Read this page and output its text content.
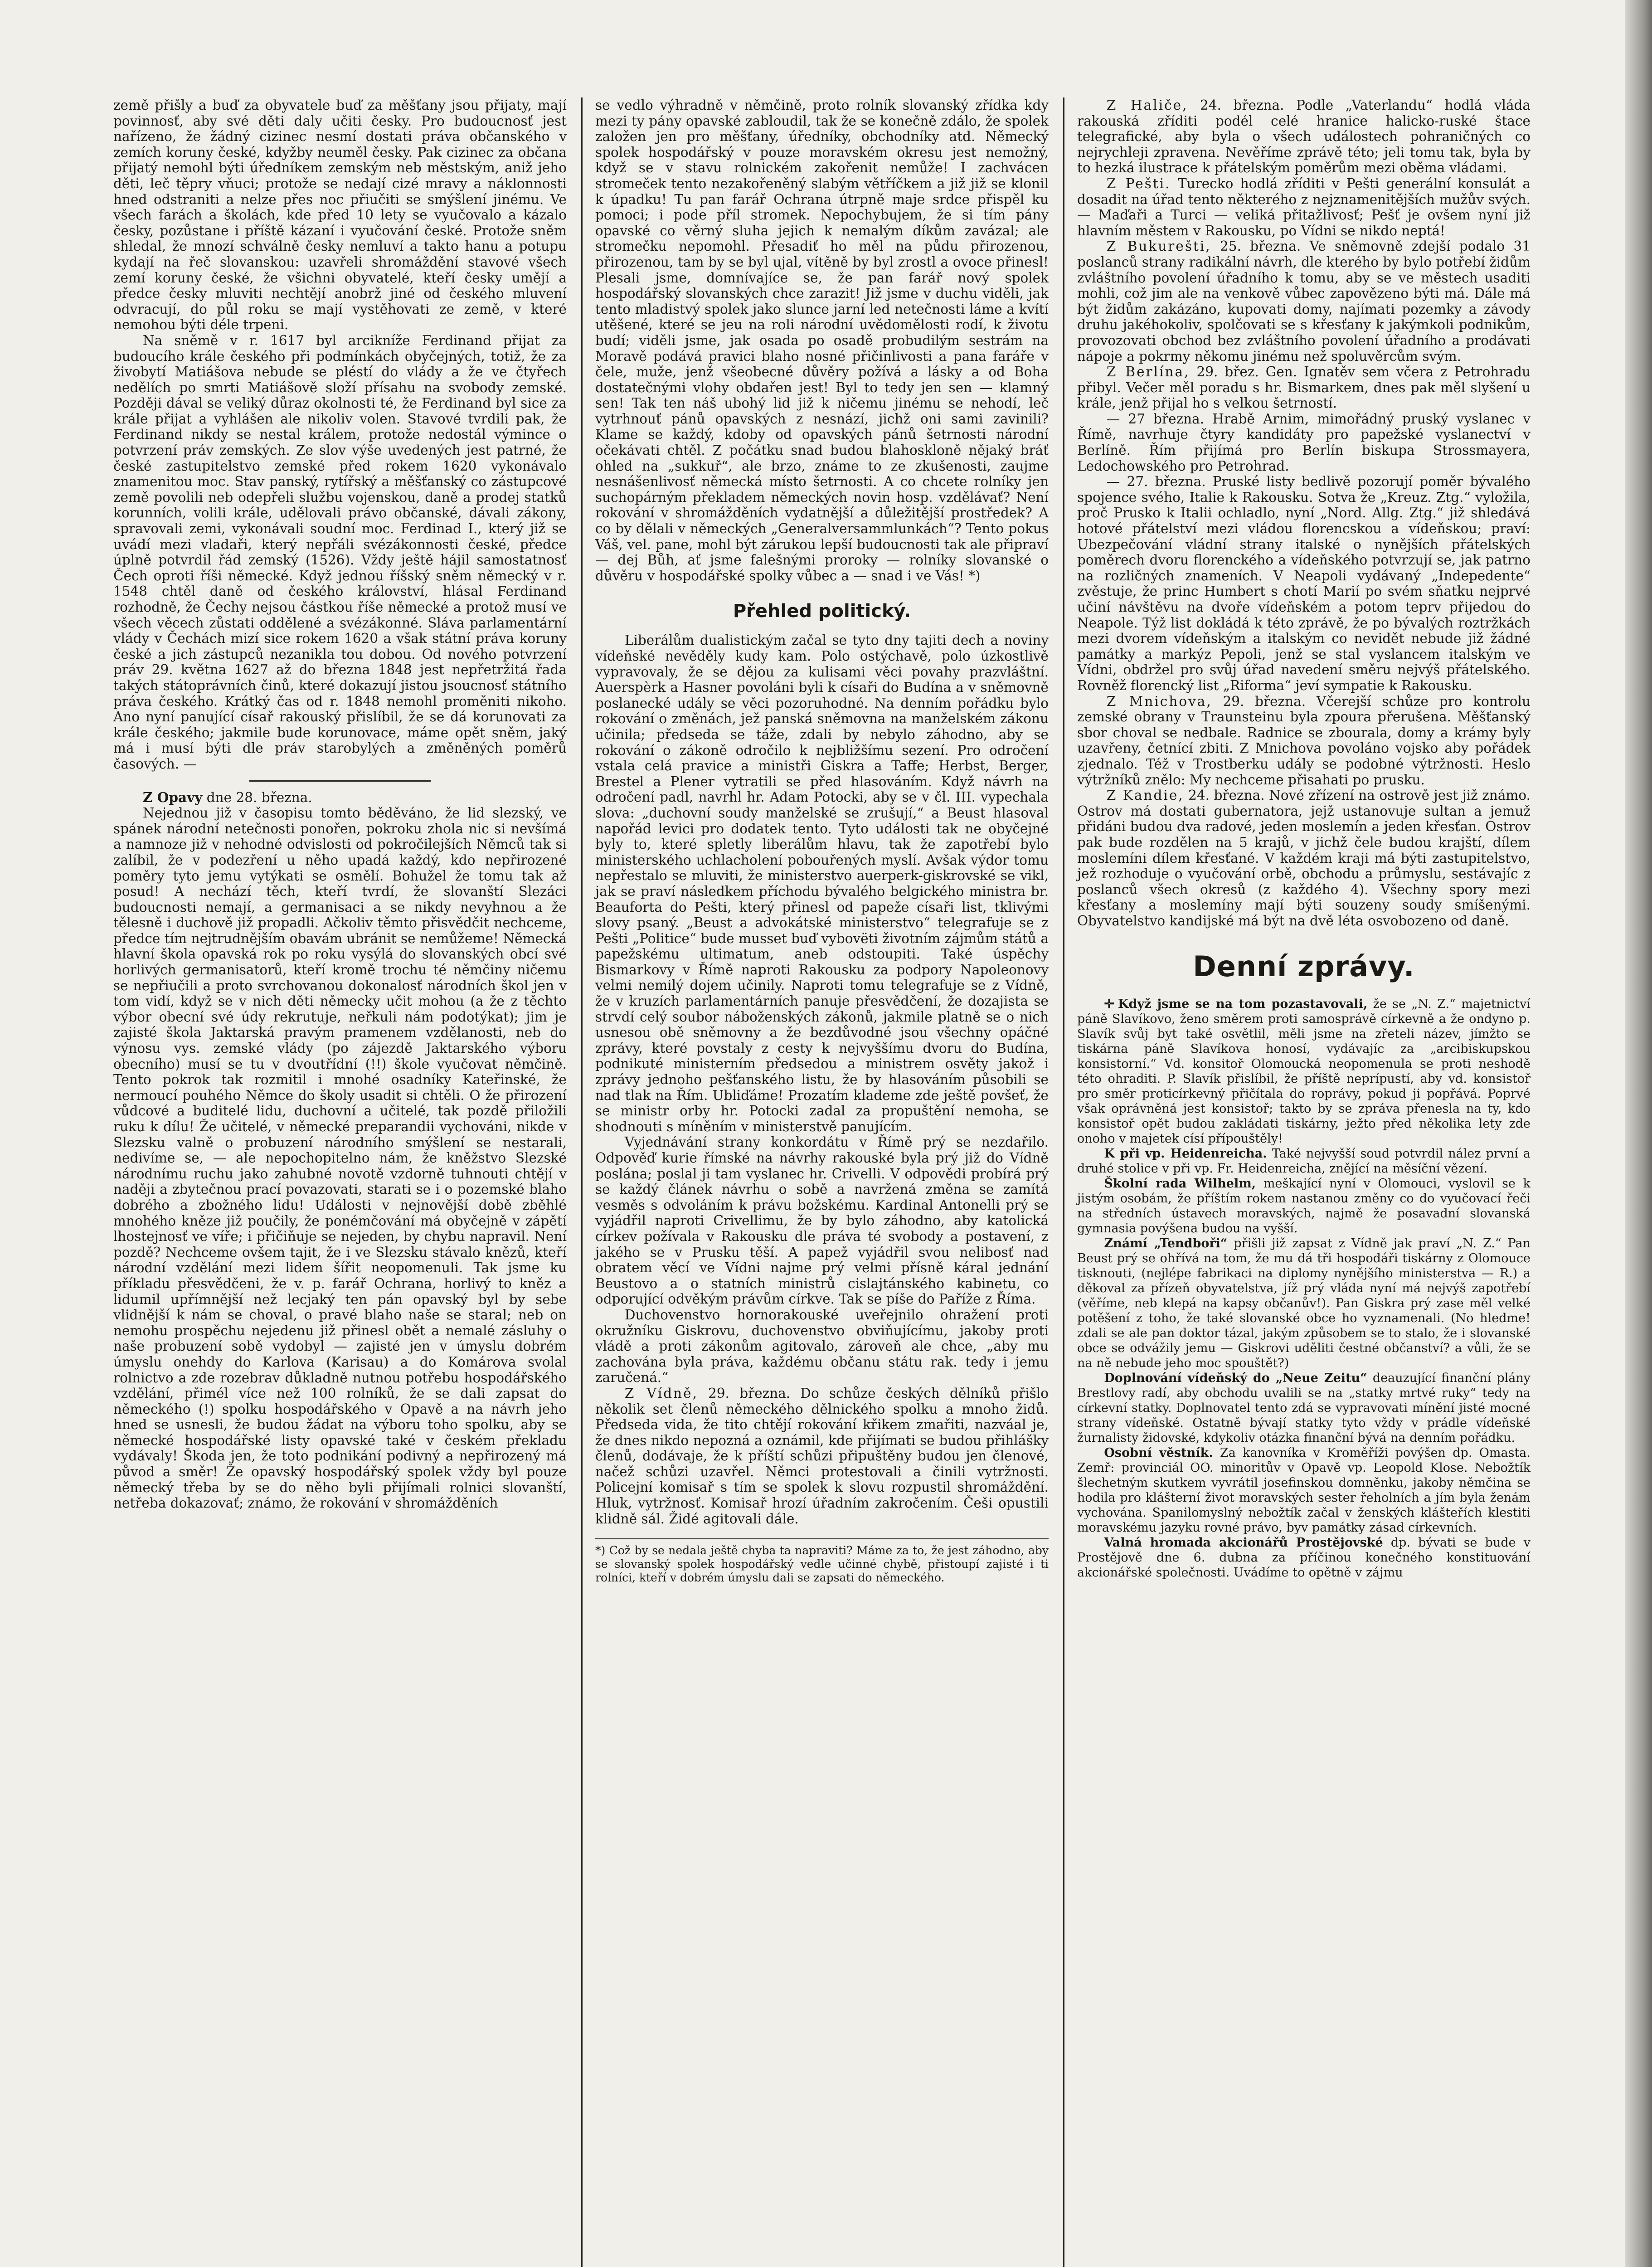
země přišly a buď za obyvatele buď za měšťany jsou přijaty, mají povinnosť, aby své děti daly učiti česky. Pro budoucnosť jest nařízeno, že žádný cizinec nesmí dostati práva občanského v zemích koruny české, kdyžby neuměl česky. Pak cizinec za občana přijatý nemohl býti úředníkem zemským neb městským, aniž jeho děti, leč těpry vňuci; protože se nedají cizé mravy a náklonnosti hned odstraniti a nelze přes noc přiučiti se smýšlení jinému. Ve všech farách a školách, kde před 10 lety se vyučovalo a kázalo česky, pozůstane i příště kázaní i vyučování české. Protože sněm shledal, že mnozí schválně česky nemluví a takto hanu a potupu kydají na řeč slovanskou: uzavřeli shromáždění stavové všech zemí koruny české, že všichni obyvatelé, kteří česky umějí a předce česky mluviti nechtějí anobrž jiné od českého mluvení odvracují, do půl roku se mají vystěhovati ze země, v které nemohou býti déle trpeni.

Na sněmě v r. 1617 byl arcikníže Ferdinand přijat za budoucího krále českého při podmínkách obyčejných, totiž, že za živobytí Matiášova nebude se pléstí do vlády a že ve čtyřech nedělích po smrti Matiášově složí přísahu na svobody zemské. Později dával se veliký důraz okolnosti té, že Ferdinand byl sice za krále přijat a vyhlášen ale nikoliv volen. Stavové tvrdili pak, že Ferdinand nikdy se nestal králem, protože nedostál výmince o potvrzení práv zemských. Ze slov výše uvedených jest patrné, že české zastupitelstvo zemské před rokem 1620 vykonávalo znamenitou moc. Stav panský, rytířský a měšťanský co zástupcové země povolili neb odepřeli službu vojenskou, daně a prodej statků korunních, volili krále, udělovali právo občanské, dávali zákony, spravovali zemi, vykonávali soudní moc. Ferdinad I., který již se uvádí mezi vladaři, který nepřáli svézákonnosti české, předce úplně potvrdil řád zemský (1526). Vždy ještě hájil samostatnosť Čech oproti říši německé. Když jednou říšský sněm německý v r. 1548 chtěl daně od českého království, hlásal Ferdinand rozhodně, že Čechy nejsou částkou říše německé a protož musí ve všech věcech zůstati oddělené a svézákonné. Sláva parlamentární vlády v Čechách mizí sice rokem 1620 a však státní práva koruny české a jich zástupců nezanikla tou dobou. Od nového potvrzení práv 29. května 1627 až do března 1848 jest nepřetržitá řada takých státoprávních činů, které dokazují jistou jsoucnosť státního práva českého. Krátký čas od r. 1848 nemohl proměniti nikoho. Ano nyní panující císař rakouský přislíbil, že se dá korunovati za krále českého; jakmile bude korunovace, máme opět sněm, jaký má i musí býti dle práv starobylých a změněných poměrů časových. —

Z Opavy dne 28. března.

Nejednou již v časopisu tomto běděváno, že lid slezský, ve spánek národní netečnosti ponořen, pokroku zhola nic si nevšímá a namnoze již v nehodné odvislosti od pokročilejších Němců tak si zalíbil, že v podezření u něho upadá každý, kdo nepřirozené poměry tyto jemu vytýkati se osmělí. Bohužel že tomu tak až posud! A nechází těch, kteří tvrdí, že slovanští Slezáci budoucnosti nemají, a germanisaci a se nikdy nevyhnou a že tělesně i duchově již propadli. Ačkoliv těmto přisvědčit nechceme, předce tím nejtrudnějším obavám ubránit se nemůžeme! Německá hlavní škola opavská rok po roku vysýlá do slovanských obcí své horlivých germanisatorů, kteří kromě trochu té němčiny ničemu se nepřiučili a proto svrchovanou dokonalosť národních škol jen v tom vidí, když se v nich děti německy učit mohou (a že z těchto výbor obecní své údy rekrutuje, neřkuli nám podotýkat); jim je zajisté škola Jaktarská pravým pramenem vzdělanosti, neb do výnosu vys. zemské vlády (po zájezdě Jaktarského výboru obecního) musí se tu v dvoutřídní (!!) škole vyučovat němčině. Tento pokrok tak rozmitil i mnohé osadníky Kateřinské, že nermoucí pouhého Němce do školy usadit si chtěli. O že přirození vůdcové a buditelé lidu, duchovní a učitelé, tak pozdě přiložili ruku k dílu! Že učitelé, v německé preparandii vychováni, nikde v Slezsku valně o probuzení národního smýšlení se nestarali, nedivíme se, — ale nepochopitelno nám, že kněžstvo Slezské národnímu ruchu jako zahubné novotě vzdorně tuhnouti chtějí v naději a zbytečnou prací povazovati, starati se i o pozemské blaho dobrého a zbožného lidu! Události v nejnovější době zběhlé mnohého kněze již poučily, že ponémčování má obyčejně v zápětí lhostejnosť ve víře; i přičiňuje se nejeden, by chybu napravil. Není pozdě? Nechceme ovšem tajit, že i ve Slezsku stávalo knězů, kteří národní vzdělání mezi lidem šířit neopomenuli. Tak jsme ku příkladu přesvědčeni, že v. p. farář Ochrana, horlivý to kněz a lidumil upřímnější než lecjaký ten pán opavský byl by sebe vlidnější k nám se choval, o pravé blaho naše se staral; neb on nemohu prospěchu nejedenu již přinesl obět a nemalé zásluhy o naše probuzení sobě vydobyl — zajisté jen v úmyslu dobrém úmyslu onehdy do Karlova (Karisau) a do Komárova svolal rolnictvo a zde rozebrav důkladně nutnou potřebu hospodářského vzdělání, přimél více než 100 rolníků, že se dali zapsat do německého (!) spolku hospodářského v Opavě a na návrh jeho hned se usnesli, že budou žádat na výboru toho spolku, aby se německé hospodářské listy opavské také v českém překladu vydávaly! Škoda jen, že toto podnikání podivný a nepřirozený má původ a směr! Že opavský hospodářský spolek vždy byl pouze německý třeba by se do něho byli přijímali rolnici slovanští, netřeba dokazovať; známo, že rokování v shromážděních

se vedlo výhradně v němčině, proto rolník slovanský zřídka kdy mezi ty pány opavské zabloudil, tak že se konečně zdálo, že spolek založen jen pro měšťany, úředníky, obchodníky atd. Německý spolek hospodářský v pouze moravském okresu jest nemožný, když se v stavu rolnickém zakořenit nemůže! I zachvácen stromeček tento nezakořeněný slabým větříčkem a již již se klonil k úpadku! Tu pan farář Ochrana útrpně maje srdce přispěl ku pomoci; i pode příl stromek. Nepochybujem, že si tím pány opavské co věrný sluha jejich k nemalým díkům zavázal; ale stromečku nepomohl. Přesadiť ho měl na půdu přirozenou, přirozenou, tam by se byl ujal, vítěně by byl zrostl a ovoce přinesl! Plesali jsme, domnívajíce se, že pan farář nový spolek hospodářský slovanských chce zarazit! Již jsme v duchu viděli, jak tento mladistvý spolek jako slunce jarní led netečnosti láme a kvítí utěšené, které se jeu na roli národní uvědomělosti rodí, k životu budí; viděli jsme, jak osada po osadě probudilým sestrám na Moravě podává pravici blaho nosné přičinlivosti a pana faráře v čele, muže, jenž všeobecné důvěry požívá a lásky a od Boha dostatečnými vlohy obdařen jest! Byl to tedy jen sen — klamný sen! Tak ten náš ubohý lid již k ničemu jinému se nehodí, leč vytrhnouť pánů opavských z nesnází, jichž oni sami zavinili? Klame se každý, kdoby od opavských pánů šetrnosti národní očekávati chtěl. Z počátku snad budou blahoskloně nějaký bráť ohled na „sukkuř“, ale brzo, známe to ze zkušenosti, zaujme nesnášenlivosť německá místo šetrnosti. A co chcete rolníky jen suchopárným překladem německých novin hosp. vzdělávať? Není rokování v shromážděních vydatnější a důležitější prostředek? A co by dělali v německých „Generalversammlunkách“? Tento pokus Váš, vel. pane, mohl být zárukou lepší budoucnosti tak ale připraví — dej Bůh, ať jsme falešnými proroky — rolníky slovanské o důvěru v hospodářské spolky vůbec a — snad i ve Vás! *)

Přehled politický.

Liberálům dualistickým začal se tyto dny tajiti dech a noviny vídeňské nevěděly kudy kam. Polo ostýchavě, polo úzkostlivě vypravovaly, že se dějou za kulisami věci povahy prazvláštní. Auerspèrk a Hasner povoláni byli k císaři do Budína a v sněmovně poslanecké udály se věci pozoruhodné. Na denním pořádku bylo rokování o změnách, jež panská sněmovna na manželském zákonu učinila; předseda se táže, zdali by nebylo záhodno, aby se rokování o zákoně odročilo k nejbližšímu sezení. Pro odročení vstala celá pravice a ministři Giskra a Taffe; Herbst, Berger, Brestel a Plener vytratili se před hlasováním. Když návrh na odročení padl, navrhl hr. Adam Potocki, aby se v čl. III. vypechala slova: „duchovní soudy manželské se zrušují,“ a Beust hlasoval napořád levici pro dodatek tento. Tyto události tak ne obyčejné byly to, které spletly liberálům hlavu, tak že zapotřebí bylo ministerského uchlacholení pobouřených myslí. Avšak výdor tomu nepřestalo se mluviti, že ministerstvo auerperk-giskrovské se vikl, jak se praví následkem příchodu bývalého belgického ministra br. Beaufortа do Pešti, který přinesl od papeže císaři list, tklivými slovy psaný. „Beust a advokátské ministerstvo“ telegrafuje se z Pešti „Politice“ bude musset buď vybovëti životním zájmům států a papežskému ultimatum, aneb odstoupiti. Také úspěchy Bismarkovy v Římě naproti Rakousku za podpory Napoleonovy velmi nemilý dojem učinily. Naproti tomu telegrafuje se z Vídně, že v kruzích parlamentárních panuje přesvědčení, že dozajista se strvdí celý soubor náboženských zákonů, jakmile platně se o nich usnesou obě sněmovny a že bezdůvodné jsou všechny opáčné zprávy, které povstaly z cesty k nejvyššímu dvoru do Budína, podnikuté ministerním předsedou a ministrem osvěty jakož i zprávy jednoho pešťanského listu, že by hlasováním působili se nad tlak na Řím. Ubliďáme! Prozatím klademe zde ještě povšeť, že se ministr orby hr. Potocki zadal za propuštění nemoha, se shodnouti s míněním v ministerstvě panujícím.

Vyjednávání strany konkordátu v Římě prý se nezdařilo. Odpověď kurie římské na návrhy rakouské byla prý již do Vídně poslána; poslal ji tam vyslanec hr. Crivelli. V odpovědi probírá prý se každý článek návrhu o sobě a navržená změna se zamítá vesměs s odvoláním k právu božskému. Kardinal Antonelli prý se vyjádřil naproti Crivellimu, že by bylo záhodno, aby katolická církev požívala v Rakousku dle práva té svobody a postavení, z jakého se v Prusku těší. A papež vyjádřil svou nelibosť nad obratem věcí ve Vídni najme prý velmi přísně káral jednání Beustovo a o statních ministrů cislajtánského kabinetu, co odporující odvěkým právům církve. Tak se píše do Paříže z Říma.

Duchovenstvo hornorakouské uveřejnilo ohražení proti okružníku Giskrovu, duchovenstvo obviňujícímu, jakoby proti vládě a proti zákonům agitovalo, zároveň ale chce, „aby mu zachována byla práva, každému občanu státu rak. tedy i jemu zaručená.“

Z Vídně, 29. března. Do schůze českých dělníků přišlo několik set členů německého dělnického spolku a mnoho židů. Předseda vida, že tito chtějí rokování křikem zmařiti, nazváal je, že dnes nikdo nepozná a oznámil, kde přijímati se budou přihlášky členů, dodávaje, že k příští schůzi připuštěny budou jen členové, načež schůzi uzavřel. Němci protestovali a činili vytržnosti. Policejní komisař s tím se spolek k slovu rozpustil shromáždění. Hluk, vytržnosť. Komisař hrozí úřadním zakročením. Češi opustili klidně sál. Židé agitovali dále.

*) Což by se nedala ještě chyba ta napraviti? Máme za to, že jest záhodno, aby se slovanský spolek hospodářský vedle učinné chybě, přistoupí zajisté i ti rolníci, kteří v dobrém úmyslu dali se zapsati do německého.

Z Haliče, 24. března. Podle „Vaterlandu“ hodlá vláda rakouská zříditi podél celé hranice halicko-ruské štace telegrafické, aby byla o všech událostech pohraničných co nejrychleji zpravena. Nevěříme zprávě této; jeli tomu tak, byla by to hezká ilustrace k přátelským poměrům mezi oběma vládami.

Z Pešti. Turecko hodlá zříditi v Pešti generální konsulát a dosadit na úřad tento některého z nejznamenitějších mužův svých. — Maďaři a Turci — veliká přitažlivosť; Pešť je ovšem nyní již hlavním městem v Rakousku, po Vídni se nikdo neptá!

Z Bukurešti, 25. března. Ve sněmovně zdejší podalo 31 poslanců strany radikální návrh, dle kterého by bylo potřebí židům zvláštního povolení úřadního k tomu, aby se ve městech usaditi mohli, což jim ale na venkově vůbec zapovězeno býti má. Dále má být židům zakázáno, kupovati domy, najímati pozemky a závody druhu jakéhokoliv, spolčovati se s křesťany k jakýmkoli podnikům, provozovati obchod bez zvláštního povolení úřadního a prodávati nápoje a pokrmy někomu jinému než spoluvěrcům svým.

Z Berlína, 29. břez. Gen. Ignatěv sem včera z Petrohradu přibyl. Večer měl poradu s hr. Bismarkem, dnes pak měl slyšení u krále, jenž přijal ho s velkou šetrností.

— 27 března. Hrabě Arnim, mimořádný pruský vyslanec v Římě, navrhuje čtyry kandidáty pro papežské vyslanectví v Berlíně. Řím přijímá pro Berlín biskupa Strossmayera, Ledochowského pro Petrohrad.

— 27. března. Pruské listy bedlivě pozorují poměr bývalého spojence svého, Italie k Rakousku. Sotva že „Kreuz. Ztg.“ vyložila, proč Prusko k Italii ochladlo, nyní „Nord. Allg. Ztg.“ již shledává hotové přátelství mezi vládou florencskou a vídeňskou; praví: Ubezpečování vládní strany italské o nynějších přátelských poměrech dvoru florenckého a vídeňského potvrzují se, jak patrno na rozličných znameních. V Neapoli vydávaný „Indepedente“ zvěstuje, že princ Humbert s chotí Marií po svém sňatku nejprvé učiní návštěvu na dvoře vídeňském a potom teprv přijedou do Neapole. Týž list dokládá k této zprávě, že po bývalých roztržkách mezi dvorem vídeňským a italským co nevidět nebude již žádné památky a markýz Pepoli, jenž se stal vyslancem italským ve Vídni, obdržel pro svůj úřad navedení směru nejvýš přátelského. Rovněž florencký list „Riforma“ jeví sympatie k Rakousku.

Z Mnichova, 29. března. Včerejší schůze pro kontrolu zemské obrany v Traunsteinu byla zpoura přerušena. Měšťanský sbor choval se nedbale. Radnice se zbourala, domy a krámy byly uzavřeny, četnící zbiti. Z Mnichova povoláno vojsko aby pořádek zjednalo. Též v Trostberku udály se podobné výtržnosti. Heslo výtržníků znělo: My nechceme přisahati po prusku.

Z Kandie, 24. března. Nové zřízení na ostrově jest již známo. Ostrov má dostati gubernatora, jejž ustanovuje sultan a jemuž přidáni budou dva radové, jeden moslemín a jeden křesťan. Ostrov pak bude rozdělen na 5 krajů, v jichž čele budou krajští, dílem moslemíni dílem křesťané. V každém kraji má býti zastupitelstvo, jež rozhoduje o vyučování orbě, obchodu a průmyslu, sestávajíc z poslanců všech okresů (z každého 4). Všechny spory mezi křesťany a moslemíny mají býti souzeny soudy smíšenými. Obyvatelstvo kandijské má být na dvě léta osvobozeno od daně.

Denní zprávy.

✛ Když jsme se na tom pozastavovali, že se „N. Z.“ majetnictví páně Slavíkovo, ženo směrem proti samosprávě církevně a že ondyno p. Slavík svůj byt také osvětlil, měli jsme na zřeteli název, jímžto se tiskárna páně Slavíkova honosí, vydávajíc za „arcibiskupskou konsistorní.“ Vd. konsitoř Olomoucká neopomenula se proti neshodě této ohraditi. P. Slavík přislíbil, že příště neprípustí, aby vd. konsistoř pro směr proticírkevný přičítala do roprávy, pokud ji popřává. Poprvé však oprávněná jest konsistoř; takto by se zpráva přenesla na ty, kdo konsistoř opět budou zakládati tiskárny, ježto před několika lety zde onoho v majetek císí přípouštěly!

K při vp. Heidenreicha. Také nejvyšší soud potvrdil nález první a druhé stolice v při vp. Fr. Heidenreicha, znějící na měsíční vězení.

Školní rada Wilhelm, meškající nyní v Olomouci, vyslovil se k jistým osobám, že příštím rokem nastanou změny co do vyučovací řeči na středních ústavech moravských, najmě že posavadní slovanská gymnasia povýšena budou na vyšší.

Známí „Tendboři“ přišli již zapsat z Vídně jak praví „N. Z.“ Pan Beust prý se ohřívá na tom, že mu dá tři hospodáři tiskárny z Olomouce tisknouti, (nejlépe fabrikaci na diplomy nynějšího ministerstva — R.) a děkoval za přízeň obyvatelstva, jíž prý vláda nyní má nejvýš zapotřebí (věříme, neb klepá na kapsy občanův!). Pan Giskra prý zase měl velké potěšení z toho, že také slovanské obce ho vyznamenali. (No hledme! zdali se ale pan doktor tázal, jakým způsobem se to stalo, že i slovanské obce se odvážily jemu — Giskrovi uděliti čestné občanství? a vůli, že se na ně nebude jeho moc spouštět?)

Doplnování vídeňský do „Neue Zeitu“ deauzující finanční plány Brestlovy radí, aby obchodu uvalili se na „statky mrtvé ruky“ tedy na církevní statky. Doplnovatel tento zdá se vypravovati mínění jisté mocné strany vídeňské. Ostatně bývají statky tyto vždy v prádle vídeňské žurnalisty židovské, kdykoliv otázka finanční bývá na denním pořádku.

Osobní věstník. Za kanovníka v Kroměříži povýšen dp. Omasta. Zemř: provinciál OO. minoritův v Opavě vp. Leopold Klose. Nebožtík šlechetným skutkem vyvrátil josefinskou domněnku, jakoby němčina se hodila pro klášterní život moravských sester řeholních a jím byla ženám vychována. Spanilomyslný nebožtík začal v ženských klášteřích klestiti moravskému jazyku rovné právo, byv památky zásad církevních.

Valná hromada akcionářů Prostějovské dp. bývati se bude v Prostějově dne 6. dubna za příčinou konečného konstituování akcionářské společnosti. Uvádíme to opětně v zájmu
